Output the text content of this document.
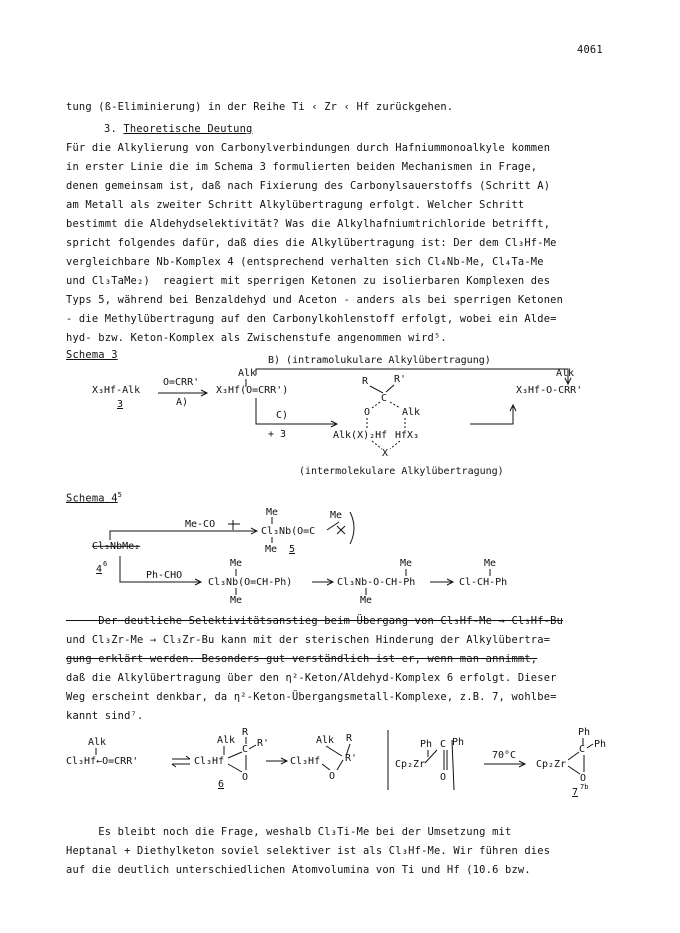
4061
tung (ß-Eliminierung) in der Reihe Ti ‹ Zr ‹ Hf zurückgehen.
3. Theoretische Deutung
Für die Alkylierung von Carbonylverbindungen durch Hafniummonoalkyle kommen
in erster Linie die im Schema 3 formulierten beiden Mechanismen in Frage,
denen gemeinsam ist, daß nach Fixierung des Carbonylsauerstoffs (Schritt A)
am Metall als zweiter Schritt Alkylübertragung erfolgt. Welcher Schritt
bestimmt die Aldehydselektivität? Was die Alkylhafniumtrichloride betrifft,
spricht folgendes dafür, daß dies die Alkylübertragung ist: Der dem Cl₃Hf-Me
vergleichbare Nb-Komplex 4 (entsprechend verhalten sich Cl₄Nb-Me, Cl₄Ta-Me
und Cl₃TaMe₂)  reagiert mit sperrigen Ketonen zu isolierbaren Komplexen des
Typs 5, während bei Benzaldehyd und Aceton - anders als bei sperrigen Ketonen
- die Methylübertragung auf den Carbonylkohlenstoff erfolgt, wobei ein Alde=
hyd- bzw. Keton-Komplex als Zwischenstufe angenommen wird⁵.
Schema 3	B) (intramolukulare Alkylübertragung)
Alk
O=CRR'
X₃Hf-Alk
3	A)
X₃Hf(O=CRR')
Alk
X₃Hf-O-CRR'
C)
+ 3
R	R'
C
O	Alk
Alk(X)₂Hf HfX₃
X
(intermolekulare Alkylübertragung)
Schema $4^5$
Me
Me-CO
Cl₃Nb(O=C
Me
Me 5
Cl₃NbMe₂
4 6
Ph-CHO
Me
Cl₃Nb(O=CH-Ph)
Me
Me
Cl₃Nb-O-CH-Ph
Me
Me
Cl-CH-Ph
Der deutliche Selektivitätsanstieg beim Übergang von Cl₃Hf-Me → Cl₃Hf-Bu
und Cl₃Zr-Me → Cl₃Zr-Bu kann mit der sterischen Hinderung der Alkylübertra=
gung erklärt werden. Besonders gut verständlich ist er, wenn man annimmt,
daß die Alkylübertragung über den η²-Keton/Aldehyd-Komplex 6 erfolgt. Dieser
Weg erscheint denkbar, da η²-Keton-Übergangsmetall-Komplexe, z.B. 7, wohlbe=
kannt sind⁷.
Alk
Cl₃Hf←O=CRR'
Alk
R
C
R'
Cl₃Hf
O
6
Alk R
R'
Cl₃Hf
O
Ph C Ph
Cp₂Zr
O
70°C
Ph
C Ph
Cp₂Zr
O
7 7b
Es bleibt noch die Frage, weshalb Cl₃Ti-Me bei der Umsetzung mit
Heptanal + Diethylketon soviel selektiver ist als Cl₃Hf-Me. Wir führen dies
auf die deutlich unterschiedlichen Atomvolumina von Ti und Hf (10.6 bzw.
